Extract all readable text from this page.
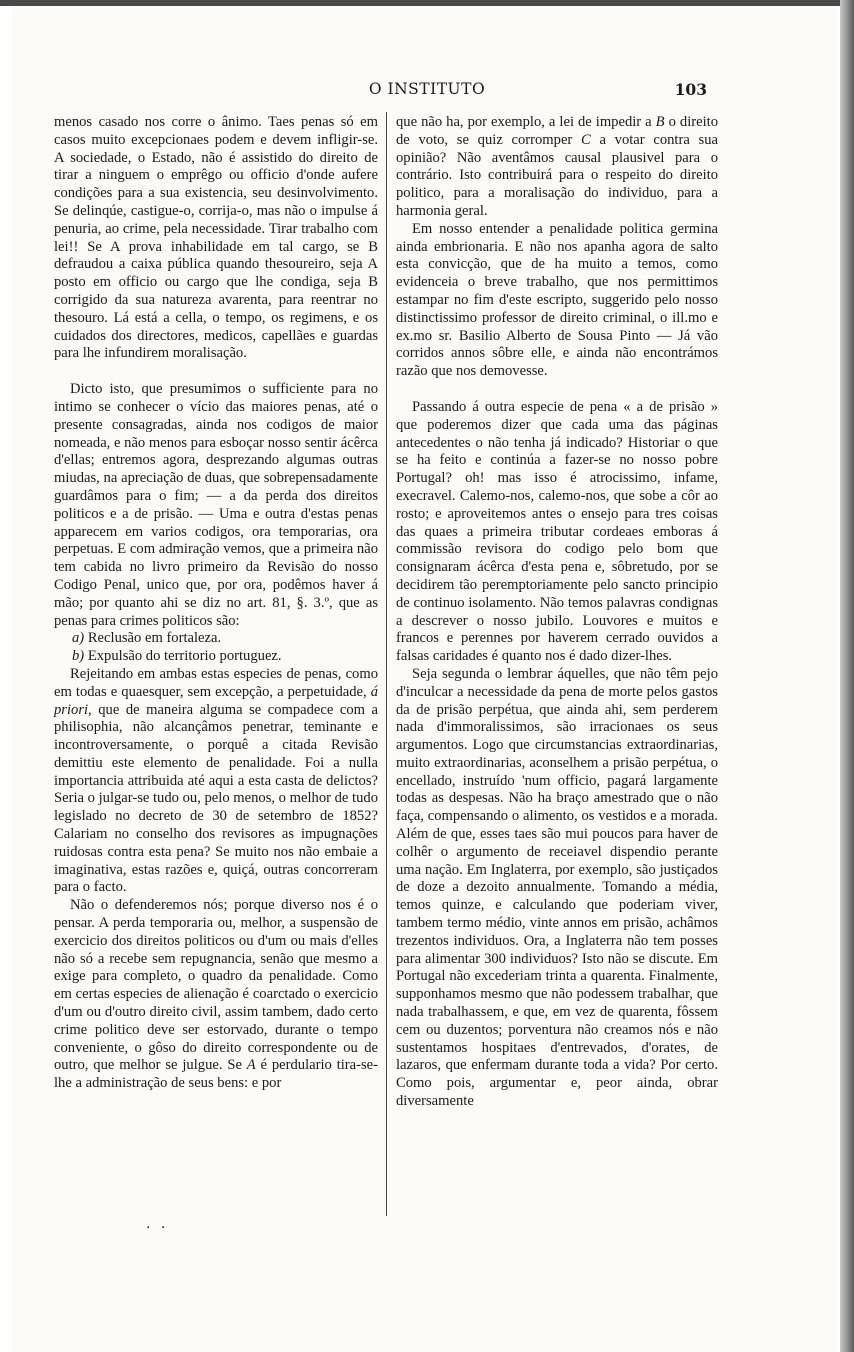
O INSTITUTO	103

menos casado nos corre o ânimo. Taes penas só em casos muito excepcionaes podem e devem infligir-se. A sociedade, o Estado, não é assistido do direito de tirar a ninguem o emprêgo ou officio d'onde aufere condições para a sua existencia, seu desinvolvimento. Se delinqúe, castigue-o, corrija-o, mas não o impulse á penuria, ao crime, pela necessidade. Tirar trabalho com lei!! Se A prova inhabilidade em tal cargo, se B defraudou a caixa pública quando thesoureiro, seja A posto em officio ou cargo que lhe condiga, seja B corrigido da sua natureza avarenta, para reentrar no thesouro. Lá está a cella, o tempo, os regimens, e os cuidados dos directores, medicos, capellães e guardas para lhe infundirem moralisação.

Dicto isto, que presumimos o sufficiente para no intimo se conhecer o vício das maiores penas, até o presente consagradas, ainda nos codigos de maior nomeada, e não menos para esboçar nosso sentir ácêrca d'ellas; entremos agora, desprezando algumas outras miudas, na apreciação de duas, que sobrepensadamente guardâmos para o fim; — a da perda dos direitos politicos e a de prisão. — Uma e outra d'estas penas apparecem em varios codigos, ora temporarias, ora perpetuas. E com admiração vemos, que a primeira não tem cabida no livro primeiro da Revisão do nosso Codigo Penal, unico que, por ora, podêmos haver á mão; por quanto ahi se diz no art. 81, §. 3.º, que as penas para crimes politicos são:

a) Reclusão em fortaleza.

b) Expulsão do territorio portuguez.

Rejeitando em ambas estas especies de penas, como em todas e quaesquer, sem excepção, a perpetuidade, á priori, que de maneira alguma se compadece com a philisophia, não alcançâmos penetrar, teminante e incontroversamente, o porquê a citada Revisão demittiu este elemento de penalidade. Foi a nulla importancia attribuida até aqui a esta casta de delictos? Seria o julgar-se tudo ou, pelo menos, o melhor de tudo legislado no decreto de 30 de setembro de 1852? Calariam no conselho dos revisores as impugnações ruidosas contra esta pena? Se muito nos não embaie a imaginativa, estas razões e, quiçá, outras concorreram para o facto.

Não o defenderemos nós; porque diverso nos é o pensar. A perda temporaria ou, melhor, a suspensão de exercicio dos direitos politicos ou d'um ou mais d'elles não só a recebe sem repugnancia, senão que mesmo a exige para completo, o quadro da penalidade. Como em certas especies de alienação é coarctado o exercicio d'um ou d'outro direito civil, assim tambem, dado certo crime politico deve ser estorvado, durante o tempo conveniente, o gôso do direito correspondente ou de outro, que melhor se julgue. Se A é perdulario tira-se-lhe a administração de seus bens: e por

que não ha, por exemplo, a lei de impedir a B o direito de voto, se quiz corromper C a votar contra sua opinião? Não aventâmos causal plausivel para o contrário. Isto contribuirá para o respeito do direito politico, para a moralisação do individuo, para a harmonia geral.

Em nosso entender a penalidade politica germina ainda embrionaria. E não nos apanha agora de salto esta convicção, que de ha muito a temos, como evidenceia o breve trabalho, que nos permittimos estampar no fim d'este escripto, suggerido pelo nosso distinctissimo professor de direito criminal, o ill.mo e ex.mo sr. Basilio Alberto de Sousa Pinto — Já vão corridos annos sôbre elle, e ainda não encontrámos razão que nos demovesse.

Passando á outra especie de pena « a de prisão » que poderemos dizer que cada uma das páginas antecedentes o não tenha já indicado? Historiar o que se ha feito e continúa a fazer-se no nosso pobre Portugal? oh! mas isso é atrocissimo, infame, execravel. Calemo-nos, calemo-nos, que sobe a côr ao rosto; e aproveitemos antes o ensejo para tres coisas das quaes a primeira tributar cordeaes emboras á commissão revisora do codigo pelo bom que consignaram ácêrca d'esta pena e, sôbretudo, por se decidirem tão peremptoriamente pelo sancto principio de continuo isolamento. Não temos palavras condignas a descrever o nosso jubilo. Louvores e muitos e francos e perennes por haverem cerrado ouvidos a falsas caridades é quanto nos é dado dizer-lhes.

Seja segunda o lembrar áquelles, que não têm pejo d'inculcar a necessidade da pena de morte pelos gastos da de prisão perpétua, que ainda ahi, sem perderem nada d'immoralissimos, são irracionaes os seus argumentos. Logo que circumstancias extraordinarias, muito extraordinarias, aconselhem a prisão perpétua, o encellado, instruído 'num officio, pagará largamente todas as despesas. Não ha braço amestrado que o não faça, compensando o alimento, os vestidos e a morada. Além de que, esses taes são mui poucos para haver de colhêr o argumento de receiavel dispendio perante uma nação. Em Inglaterra, por exemplo, são justiçados de doze a dezoito annualmente. Tomando a média, temos quinze, e calculando que poderiam viver, tambem termo médio, vinte annos em prisão, achâmos trezentos individuos. Ora, a Inglaterra não tem posses para alimentar 300 individuos? Isto não se discute. Em Portugal não excederiam trinta a quarenta. Finalmente, supponhamos mesmo que não podessem trabalhar, que nada trabalhassem, e que, em vez de quarenta, fôssem cem ou duzentos; porventura não creamos nós e não sustentamos hospitaes d'entrevados, d'orates, de lazaros, que enfermam durante toda a vida? Por certo. Como pois, argumentar e, peor ainda, obrar diversamente

. .
